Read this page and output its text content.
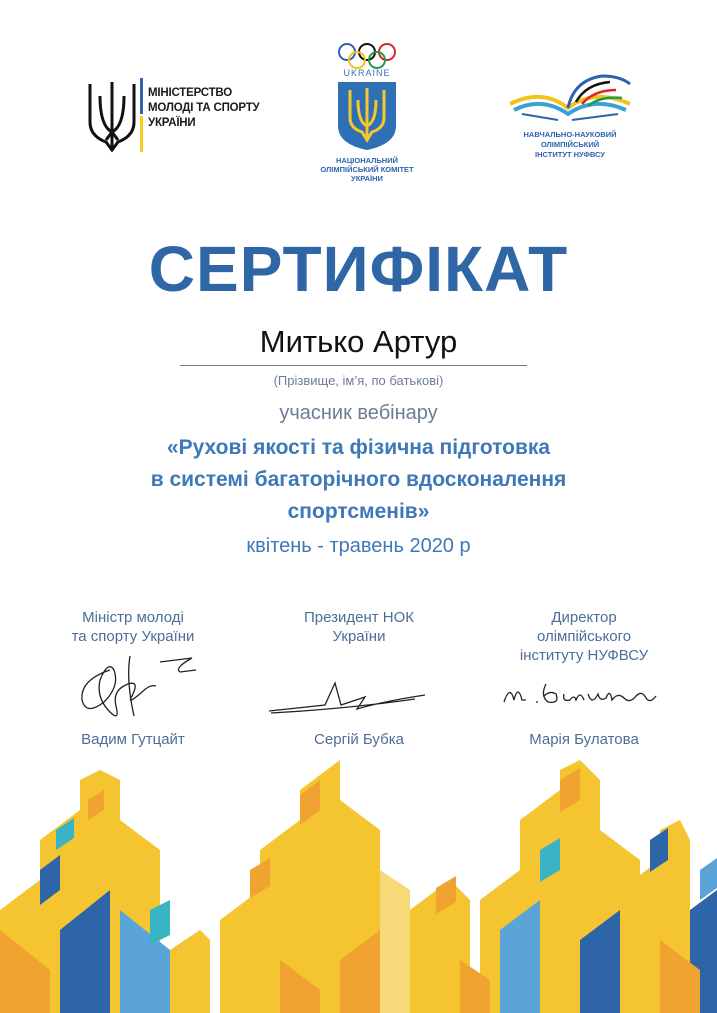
МІНІСТЕРСТВО
МОЛОДІ ТА СПОРТУ
УКРАЇНИ
UKRAINE
НАЦІОНАЛЬНИЙ
ОЛІМПІЙСЬКИЙ КОМІТЕТ
УКРАЇНИ
НАВЧАЛЬНО-НАУКОВИЙ
ОЛІМПІЙСЬКИЙ
ІНСТИТУТ НУФВСУ
СЕРТИФІКАТ
Митько Артур
(Прізвище, ім’я, по батькові)
учасник вебінару
«Рухові якості та фізична підготовка
в системі багаторічного вдосконалення
спортсменів»
квітень - травень 2020 р
Міністр молоді
та спорту України
Президент НОК
України
Директор
олімпійського
інституту НУФВСУ
Вадим Гутцайт	Сергій Бубка	Марія Булатова
